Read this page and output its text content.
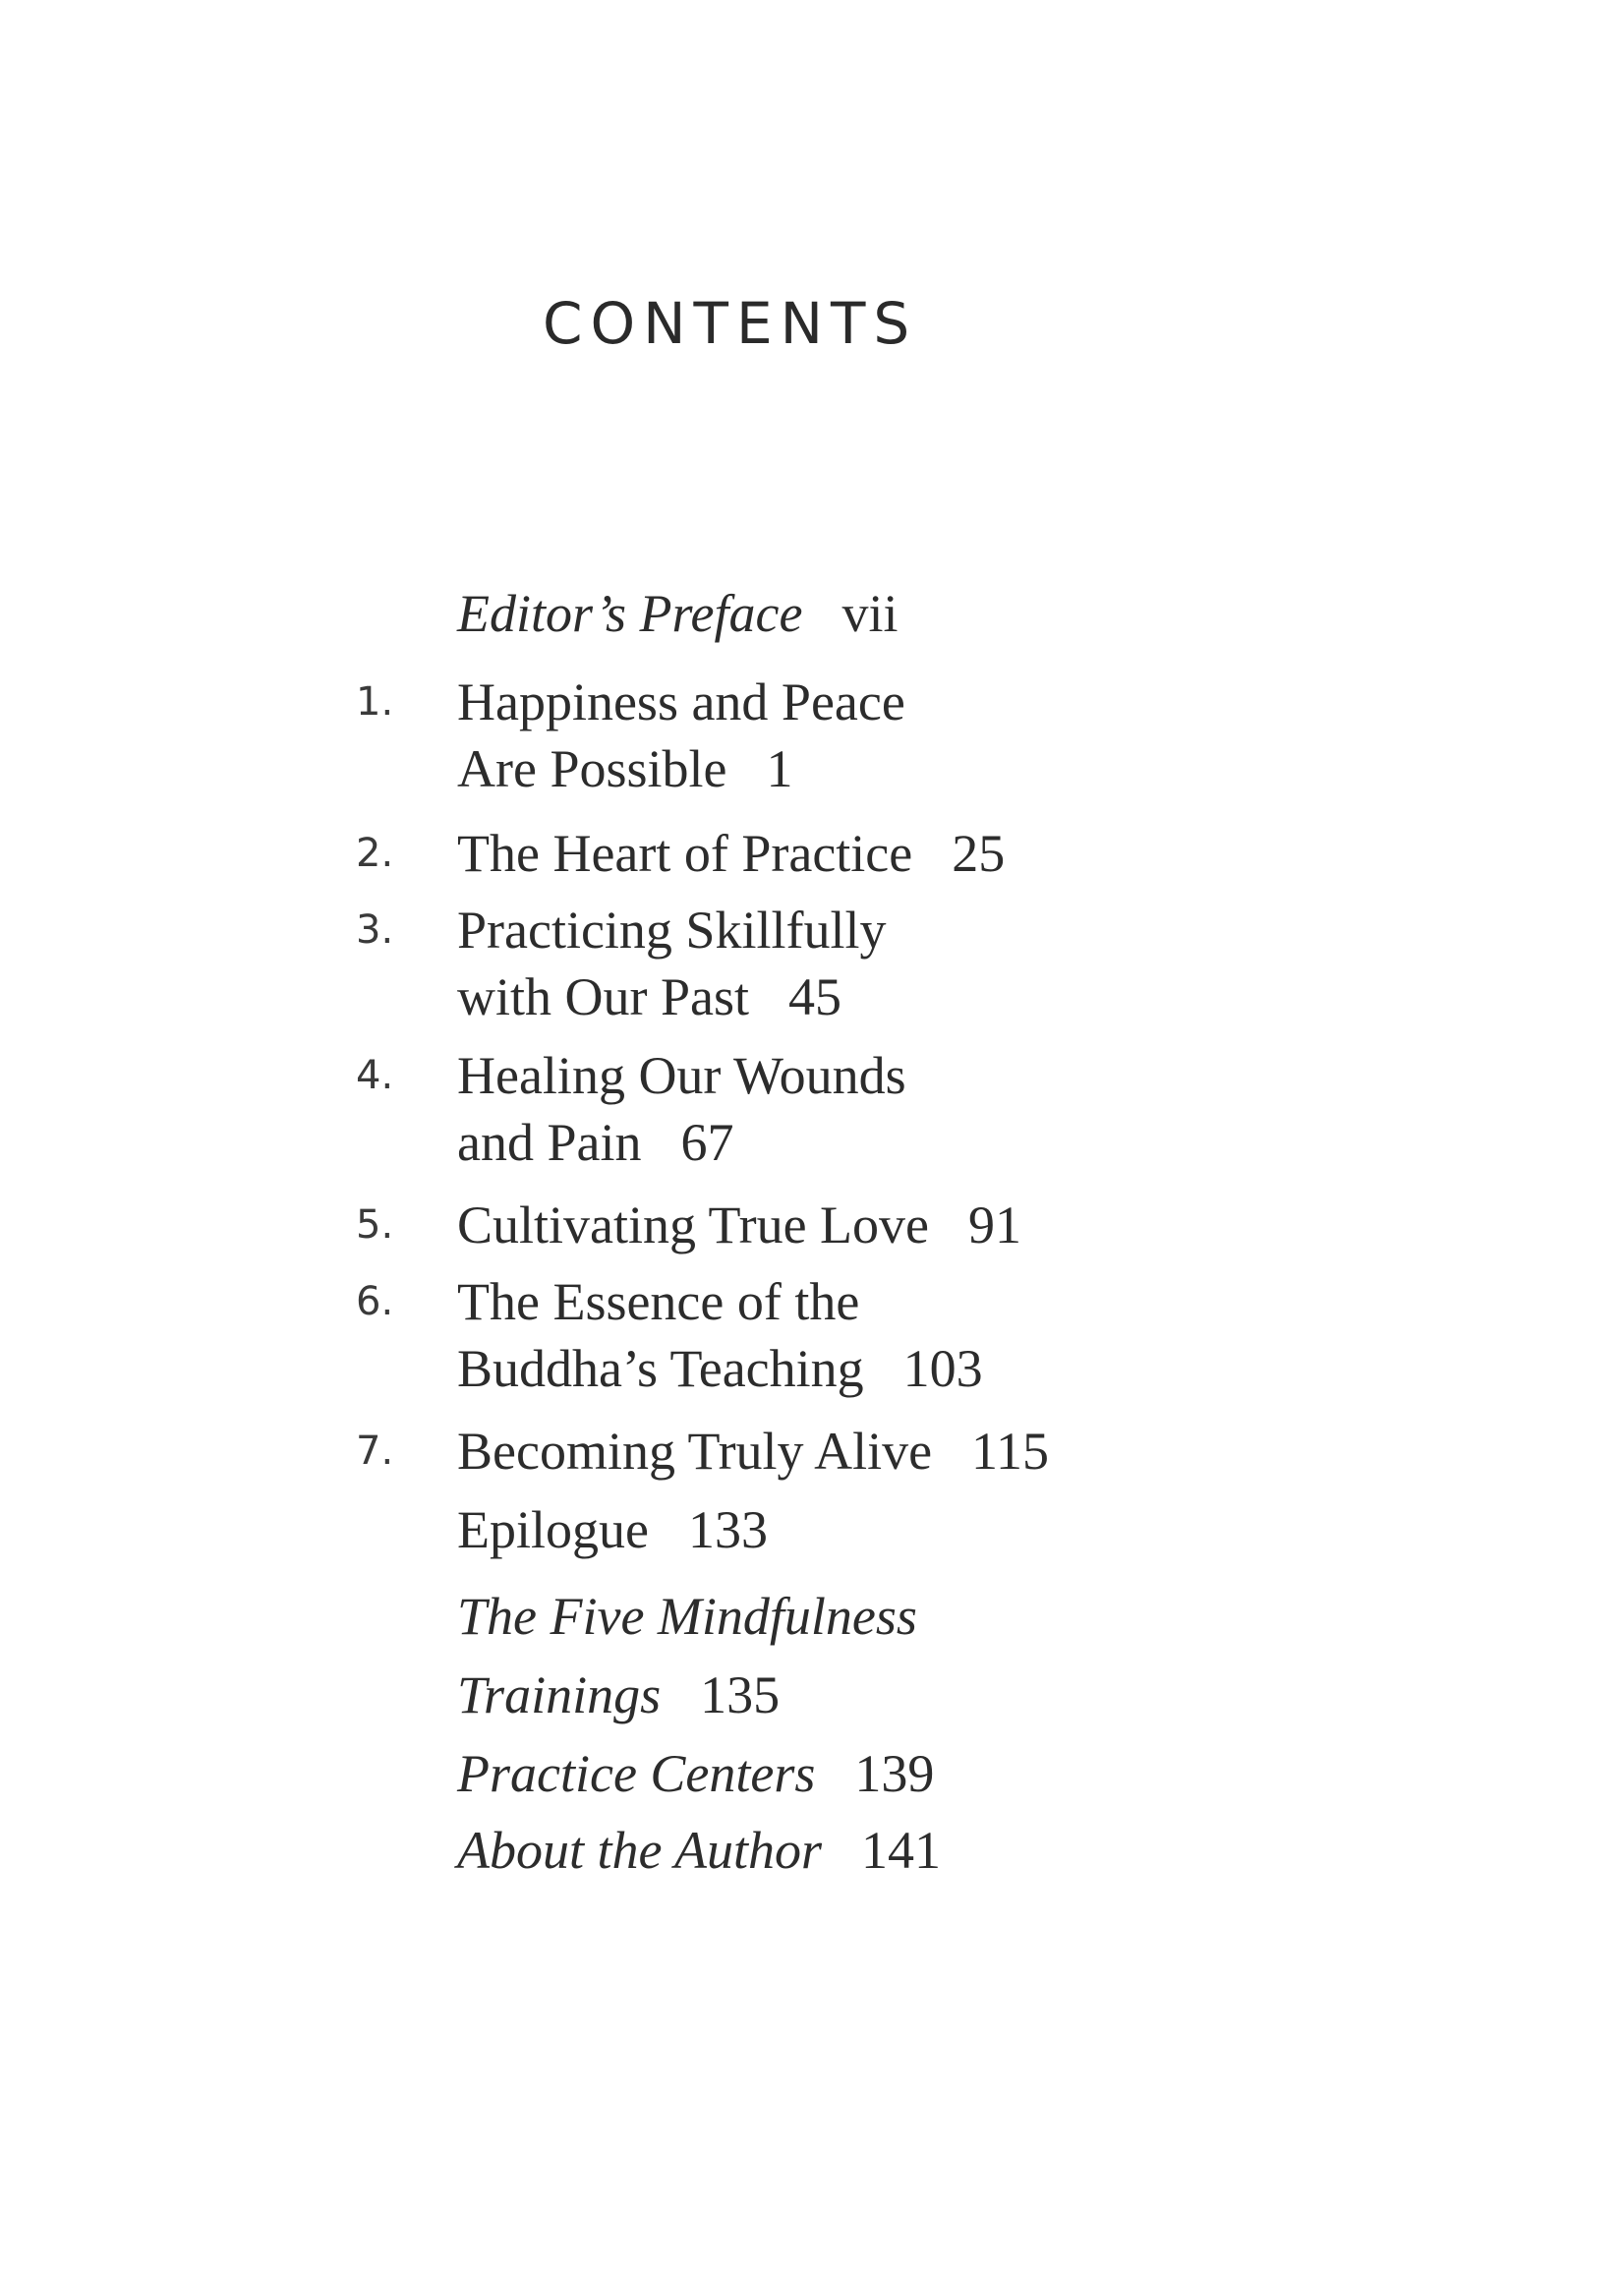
CONTENTS
Editor’s Preface vii
1. Happiness and Peace
Are Possible 1
2. The Heart of Practice 25
3. Practicing Skillfully
with Our Past 45
4. Healing Our Wounds
and Pain 67
5. Cultivating True Love 91
6. The Essence of the
Buddha’s Teaching 103
7. Becoming Truly Alive 115
Epilogue 133
The Five Mindfulness
Trainings 135
Practice Centers 139
About the Author 141
